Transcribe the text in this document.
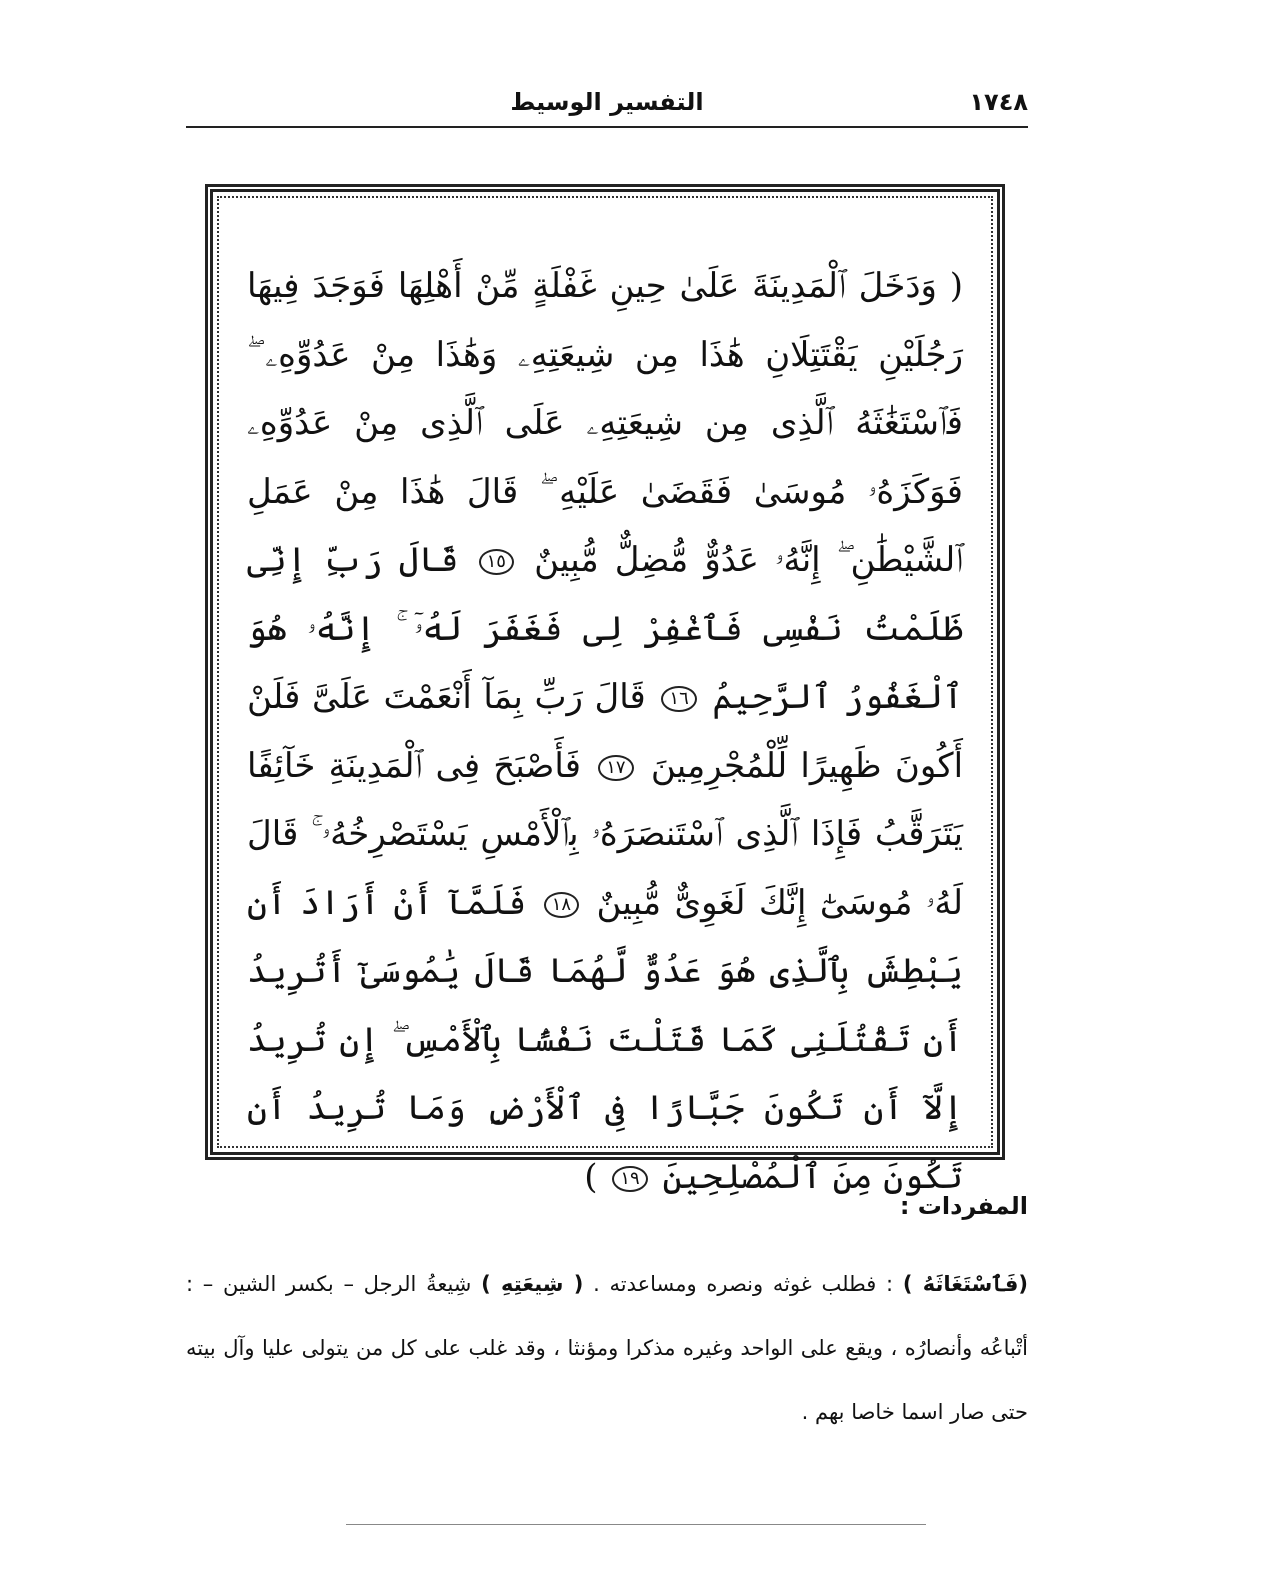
١٧٤٨
التفسير الوسيط
( وَدَخَلَ ٱلْمَدِينَةَ عَلَىٰ حِينِ غَفْلَةٍ مِّنْ أَهْلِهَا فَوَجَدَ فِيهَا رَجُلَيْنِ يَقْتَتِلَانِ هَٰذَا مِن شِيعَتِهِۦ وَهَٰذَا مِنْ عَدُوِّهِۦ ۖ فَٱسْتَغَٰثَهُ ٱلَّذِى مِن شِيعَتِهِۦ عَلَى ٱلَّذِى مِنْ عَدُوِّهِۦ فَوَكَزَهُۥ مُوسَىٰ فَقَضَىٰ عَلَيْهِ ۖ قَالَ هَٰذَا مِنْ عَمَلِ ٱلشَّيْطَٰنِ ۖ إِنَّهُۥ عَدُوٌّ مُّضِلٌّ مُّبِينٌ ١٥ قَالَ رَبِّ إِنِّى ظَلَمْتُ نَفْسِى فَٱغْفِرْ لِى فَغَفَرَ لَهُۥٓ ۚ إِنَّهُۥ هُوَ ٱلْغَفُورُ ٱلرَّحِيمُ ١٦ قَالَ رَبِّ بِمَآ أَنْعَمْتَ عَلَىَّ فَلَنْ أَكُونَ ظَهِيرًا لِّلْمُجْرِمِينَ ١٧ فَأَصْبَحَ فِى ٱلْمَدِينَةِ خَآئِفًا يَتَرَقَّبُ فَإِذَا ٱلَّذِى ٱسْتَنصَرَهُۥ بِٱلْأَمْسِ يَسْتَصْرِخُهُۥ ۚ قَالَ لَهُۥ مُوسَىٰٓ إِنَّكَ لَغَوِىٌّ مُّبِينٌ ١٨ فَلَمَّآ أَنْ أَرَادَ أَن يَبْطِشَ بِٱلَّذِى هُوَ عَدُوٌّ لَّهُمَا قَالَ يَٰمُوسَىٰٓ أَتُرِيدُ أَن تَقْتُلَنِى كَمَا قَتَلْتَ نَفْسًۢا بِٱلْأَمْسِ ۖ إِن تُرِيدُ إِلَّآ أَن تَكُونَ جَبَّارًا فِى ٱلْأَرْضِ وَمَا تُرِيدُ أَن تَكُونَ مِنَ ٱلْمُصْلِحِينَ ١٩ )
المفردات :
(فَٱسْتَغَاثَهُ ) : فطلب غوثه ونصره ومساعدته . ( شِيعَتِهِ ) شِيعةُ الرجل – بكسر الشين – : أتْباعُه وأنصارُه ، ويقع على الواحد وغيره مذكرا ومؤنثا ، وقد غلب على كل من يتولى عليا وآل بيته حتى صار اسما خاصا بهم .
